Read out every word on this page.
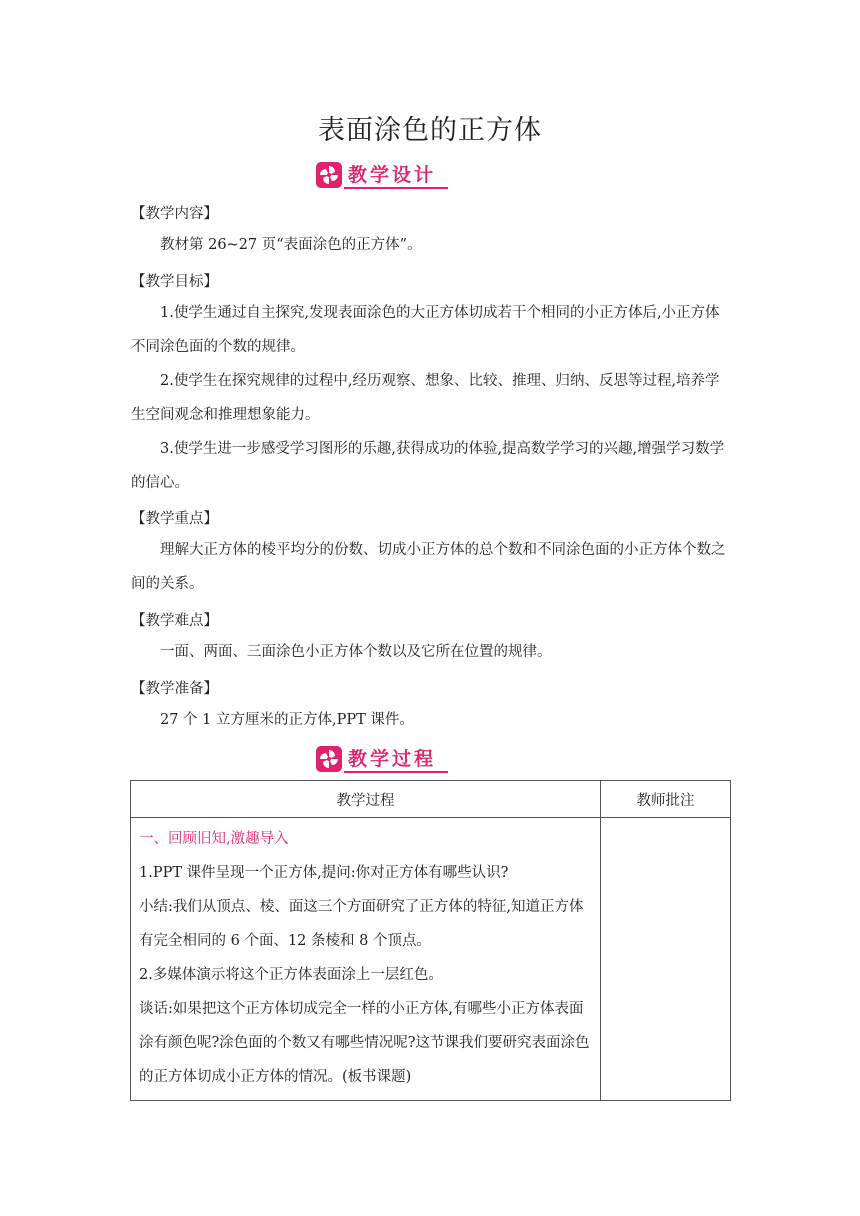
表面涂色的正方体
教学设计
【教学内容】

教材第 26~27 页“表面涂色的正方体”。

【教学目标】

1.使学生通过自主探究,发现表面涂色的大正方体切成若干个相同的小正方体后,小正方体不同涂色面的个数的规律。

2.使学生在探究规律的过程中,经历观察、想象、比较、推理、归纳、反思等过程,培养学生空间观念和推理想象能力。

3.使学生进一步感受学习图形的乐趣,获得成功的体验,提高数学学习的兴趣,增强学习数学的信心。

【教学重点】

理解大正方体的棱平均分的份数、切成小正方体的总个数和不同涂色面的小正方体个数之间的关系。

【教学难点】

一面、两面、三面涂色小正方体个数以及它所在位置的规律。

【教学准备】

27 个 1 立方厘米的正方体,PPT 课件。

教学过程
教学过程	教师批注

一、回顾旧知,激趣导入

1.PPT 课件呈现一个正方体,提问:你对正方体有哪些认识?

小结:我们从顶点、棱、面这三个方面研究了正方体的特征,知道正方体有完全相同的 6 个面、12 条棱和 8 个顶点。

2.多媒体演示将这个正方体表面涂上一层红色。

谈话:如果把这个正方体切成完全一样的小正方体,有哪些小正方体表面涂有颜色呢?涂色面的个数又有哪些情况呢?这节课我们要研究表面涂色的正方体切成小正方体的情况。(板书课题)	
